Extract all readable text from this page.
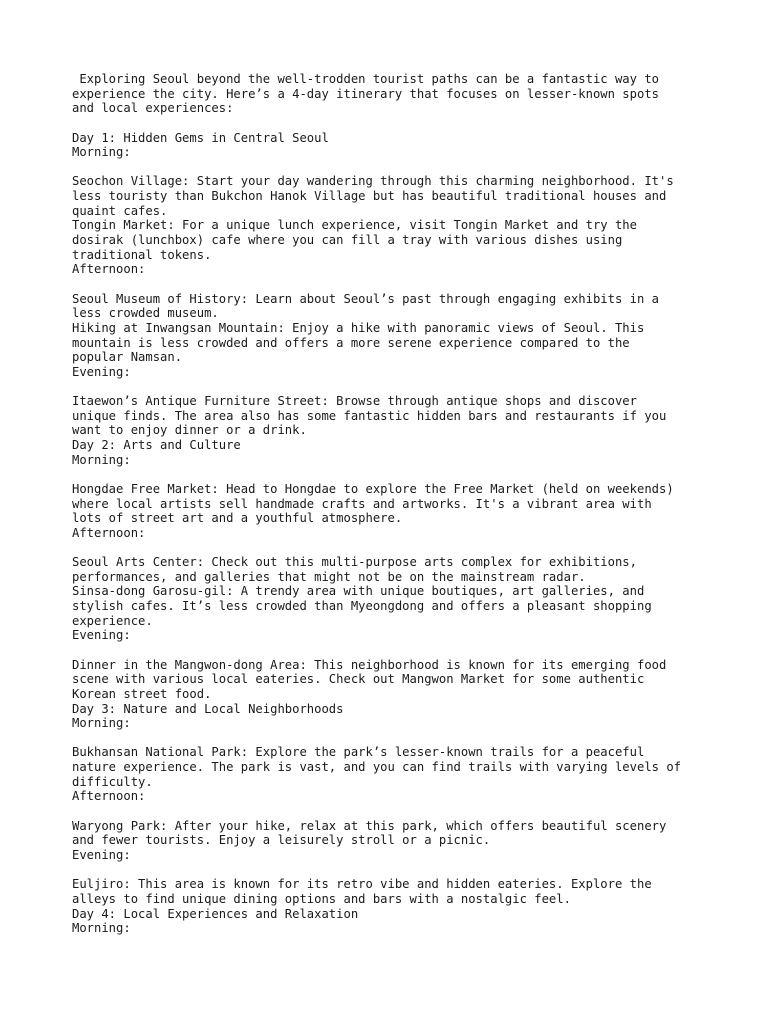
Exploring Seoul beyond the well-trodden tourist paths can be a fantastic way to
experience the city. Here’s a 4-day itinerary that focuses on lesser-known spots
and local experiences:
Day 1: Hidden Gems in Central Seoul
Morning:
Seochon Village: Start your day wandering through this charming neighborhood. It's
less touristy than Bukchon Hanok Village but has beautiful traditional houses and
quaint cafes.
Tongin Market: For a unique lunch experience, visit Tongin Market and try the
dosirak (lunchbox) cafe where you can fill a tray with various dishes using
traditional tokens.
Afternoon:
Seoul Museum of History: Learn about Seoul’s past through engaging exhibits in a
less crowded museum.
Hiking at Inwangsan Mountain: Enjoy a hike with panoramic views of Seoul. This
mountain is less crowded and offers a more serene experience compared to the
popular Namsan.
Evening:
Itaewon’s Antique Furniture Street: Browse through antique shops and discover
unique finds. The area also has some fantastic hidden bars and restaurants if you
want to enjoy dinner or a drink.
Day 2: Arts and Culture
Morning:
Hongdae Free Market: Head to Hongdae to explore the Free Market (held on weekends)
where local artists sell handmade crafts and artworks. It's a vibrant area with
lots of street art and a youthful atmosphere.
Afternoon:
Seoul Arts Center: Check out this multi-purpose arts complex for exhibitions,
performances, and galleries that might not be on the mainstream radar.
Sinsa-dong Garosu-gil: A trendy area with unique boutiques, art galleries, and
stylish cafes. It’s less crowded than Myeongdong and offers a pleasant shopping
experience.
Evening:
Dinner in the Mangwon-dong Area: This neighborhood is known for its emerging food
scene with various local eateries. Check out Mangwon Market for some authentic
Korean street food.
Day 3: Nature and Local Neighborhoods
Morning:
Bukhansan National Park: Explore the park’s lesser-known trails for a peaceful
nature experience. The park is vast, and you can find trails with varying levels of
difficulty.
Afternoon:
Waryong Park: After your hike, relax at this park, which offers beautiful scenery
and fewer tourists. Enjoy a leisurely stroll or a picnic.
Evening:
Euljiro: This area is known for its retro vibe and hidden eateries. Explore the
alleys to find unique dining options and bars with a nostalgic feel.
Day 4: Local Experiences and Relaxation
Morning:
